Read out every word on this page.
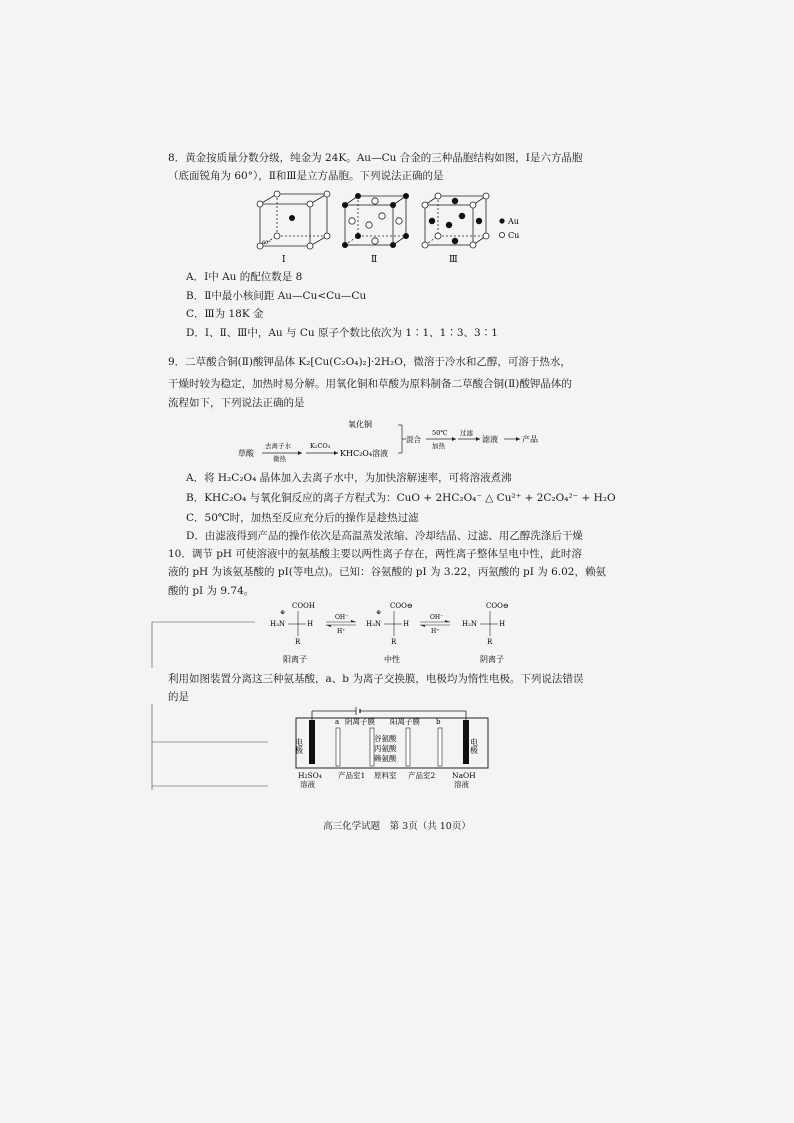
8．黄金按质量分数分级，纯金为 24K。Au—Cu 合金的三种晶胞结构如图，Ⅰ是六方晶胞
（底面锐角为 60°），Ⅱ和Ⅲ是立方晶胞。下列说法正确的是
60°
Ⅰ	Ⅱ	Ⅲ
Au
Cu
A．Ⅰ中 Au 的配位数是 8
B．Ⅱ中最小核间距 Au—Cu<Cu—Cu
C．Ⅲ为 18K 金
D．Ⅰ、Ⅱ、Ⅲ中，Au 与 Cu 原子个数比依次为 1∶1、1∶3、3∶1
9．二草酸合铜(Ⅱ)酸钾晶体 K₂[Cu(C₂O₄)₂]·2H₂O，微溶于冷水和乙醇，可溶于热水，
干燥时较为稳定，加热时易分解。用氧化铜和草酸为原料制备二草酸合铜(Ⅱ)酸钾晶体的
流程如下，下列说法正确的是
草酸
去离子水
微热
K₂CO₃
KHC₂O₄溶液
氧化铜
混合
50℃
加热
过滤
滤液	产品
A．将 H₂C₂O₄ 晶体加入去离子水中，为加快溶解速率，可将溶液煮沸
B．KHC₂O₄ 与氧化铜反应的离子方程式为：CuO + 2HC₂O₄⁻ △ Cu²⁺ + 2C₂O₄²⁻ + H₂O
C．50℃时，加热至反应充分后的操作是趁热过滤
D．由滤液得到产品的操作依次是高温蒸发浓缩、冷却结晶、过滤、用乙醇洗涤后干燥
10．调节 pH 可使溶液中的氨基酸主要以两性离子存在，两性离子整体呈电中性，此时溶
液的 pH 为该氨基酸的 pI(等电点)。已知：谷氨酸的 pI 为 3.22，丙氨酸的 pI 为 6.02，赖氨
酸的 pI 为 9.74。
⊕
COOH
H₃N	H
R
OH⁻
H⁺
COO⊖
⊕
H₃N	H
R
OH⁻
H⁺
COO⊖
H₂N	H
R
阳离子	中性	阴离子
利用如图装置分离这三种氨基酸，a、b 为离子交换膜，电极均为惰性电极。下列说法错误
的是
电极	电极
a 阴离子膜 阳离子膜 b
谷氨酸
丙氨酸
赖氨酸
H₂SO₄ 溶液
产品室1 原料室 产品室2 NaOH 溶液
高三化学试题　第 3页（共 10页）
